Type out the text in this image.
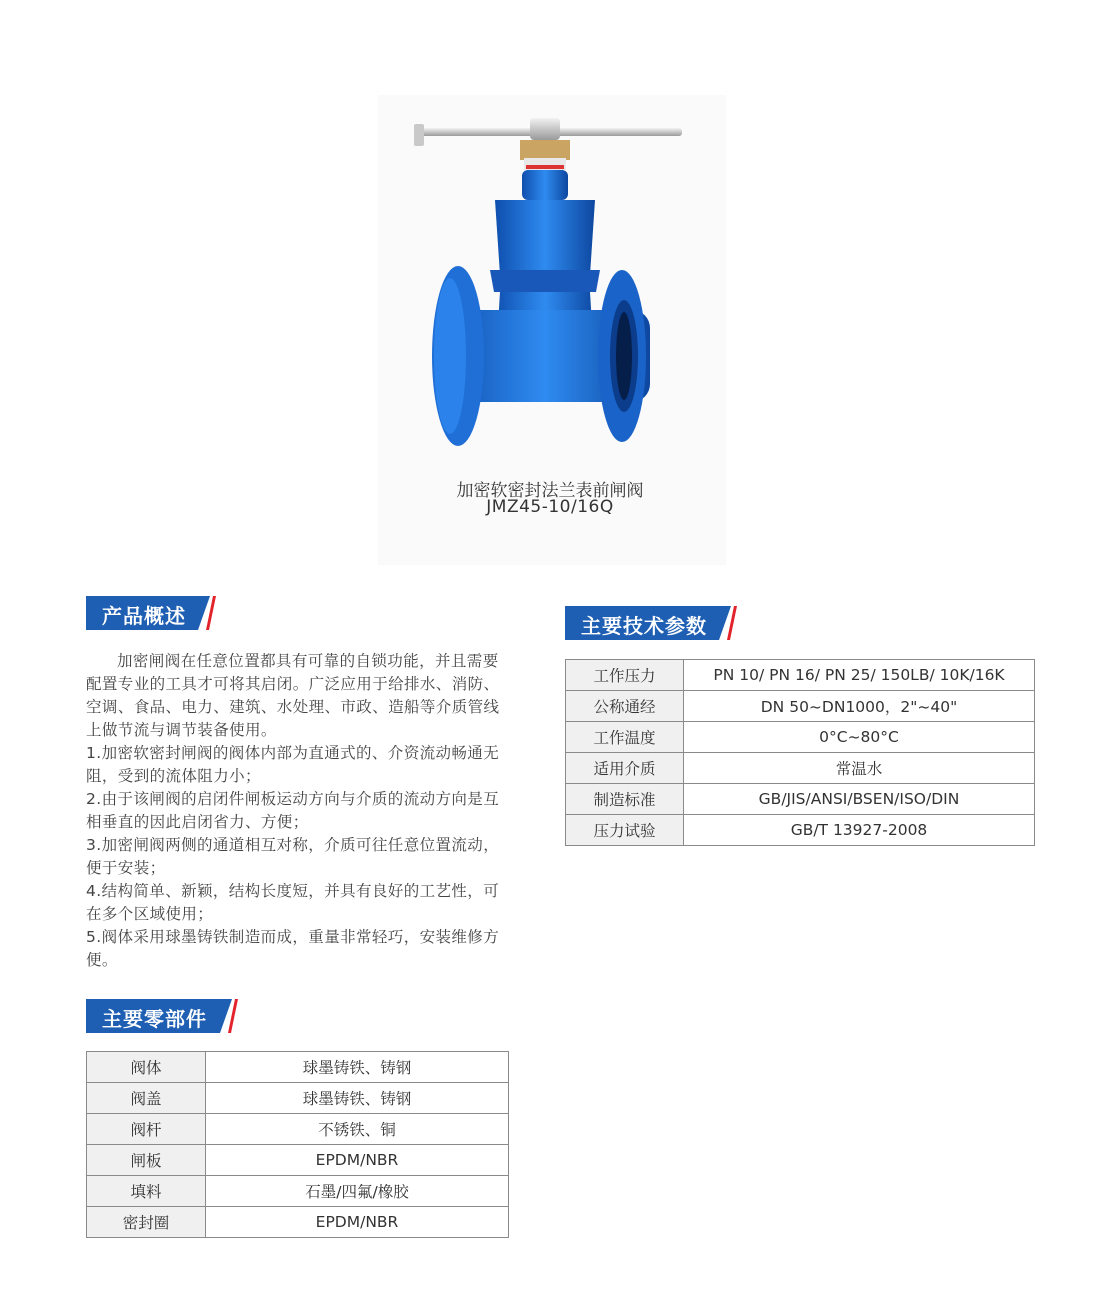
加密软密封法兰表前闸阀
JMZ45-10/16Q
产品概述

加密闸阀在任意位置都具有可靠的自锁功能，并且需要配置专业的工具才可将其启闭。广泛应用于给排水、消防、空调、食品、电力、建筑、水处理、市政、造船等介质管线上做节流与调节装备使用。

1.加密软密封闸阀的阀体内部为直通式的、介资流动畅通无阻，受到的流体阻力小；

2.由于该闸阀的启闭件闸板运动方向与介质的流动方向是互相垂直的因此启闭省力、方便；

3.加密闸阀两侧的通道相互对称，介质可往任意位置流动，便于安装；

4.结构简单、新颖，结构长度短，并具有良好的工艺性，可在多个区域使用；

5.阀体采用球墨铸铁制造而成，重量非常轻巧，安装维修方便。

主要零部件
阀体	球墨铸铁、铸钢
阀盖	球墨铸铁、铸钢
阀杆	不锈铁、铜
闸板	EPDM/NBR
填料	石墨/四氟/橡胶
密封圈	EPDM/NBR
主要技术参数
工作压力	PN 10/ PN 16/ PN 25/ 150LB/ 10K/16K
公称通经	DN 50~DN1000，2"~40"
工作温度	0°C~80°C
适用介质	常温水
制造标准	GB/JIS/ANSI/BSEN/ISO/DIN
压力试验	GB/T 13927-2008
